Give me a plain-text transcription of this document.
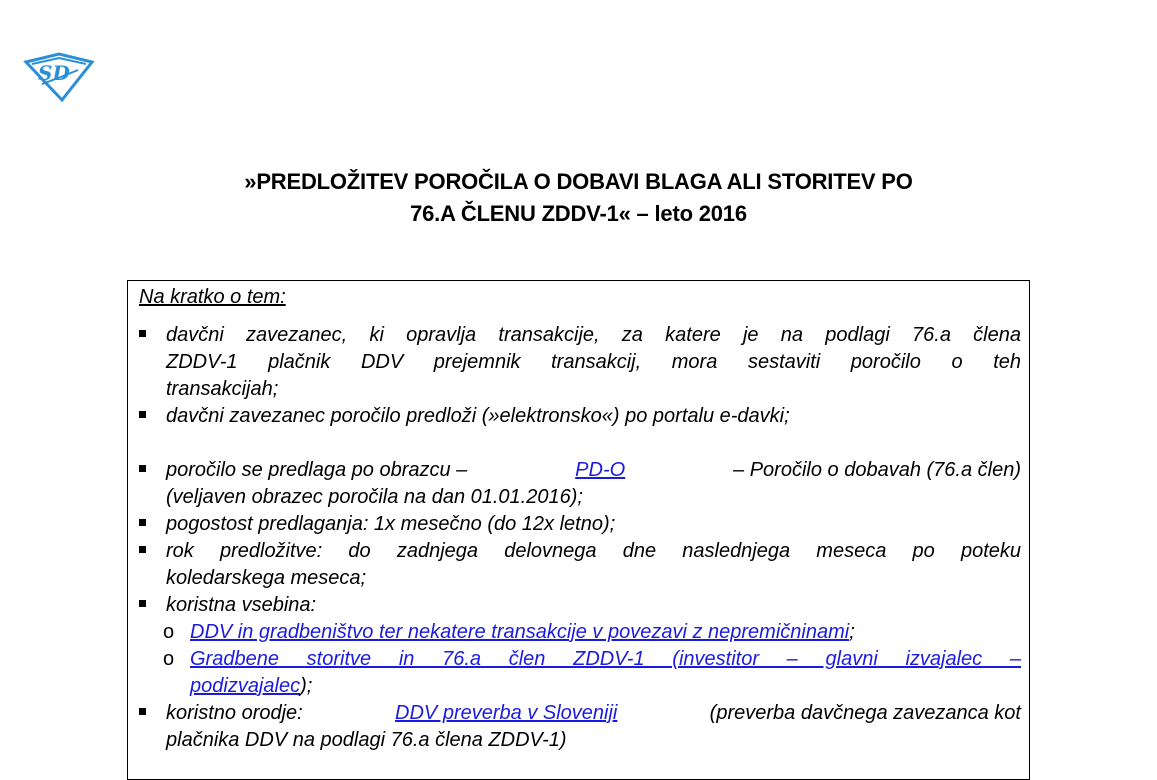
SD
»PREDLOŽITEV POROČILA O DOBAVI BLAGA ALI STORITEV PO
76.A ČLENU ZDDV-1« – leto 2016
Na kratko o tem:
davčni zavezanec, ki opravlja transakcije, za katere je na podlagi 76.a člena
ZDDV-1 plačnik DDV prejemnik transakcij, mora sestaviti poročilo o teh
transakcijah;
davčni zavezanec poročilo predloži (»elektronsko«) po portalu e-davki;
poročilo se predlaga po obrazcu –	PD-O	– Poročilo o dobavah (76.a člen)
(veljaven obrazec poročila na dan 01.01.2016);
pogostost predlaganja: 1x mesečno (do 12x letno);
rok predložitve: do zadnjega delovnega dne naslednjega meseca po poteku
koledarskega meseca;
koristna vsebina:
o DDV in gradbeništvo ter nekatere transakcije v povezavi z nepremičninami;
o Gradbene storitve in 76.a člen ZDDV-1 (investitor – glavni izvajalec –
podizvajalec);
koristno orodje:	DDV preverba v Sloveniji	(preverba davčnega zavezanca kot
plačnika DDV na podlagi 76.a člena ZDDV-1)
